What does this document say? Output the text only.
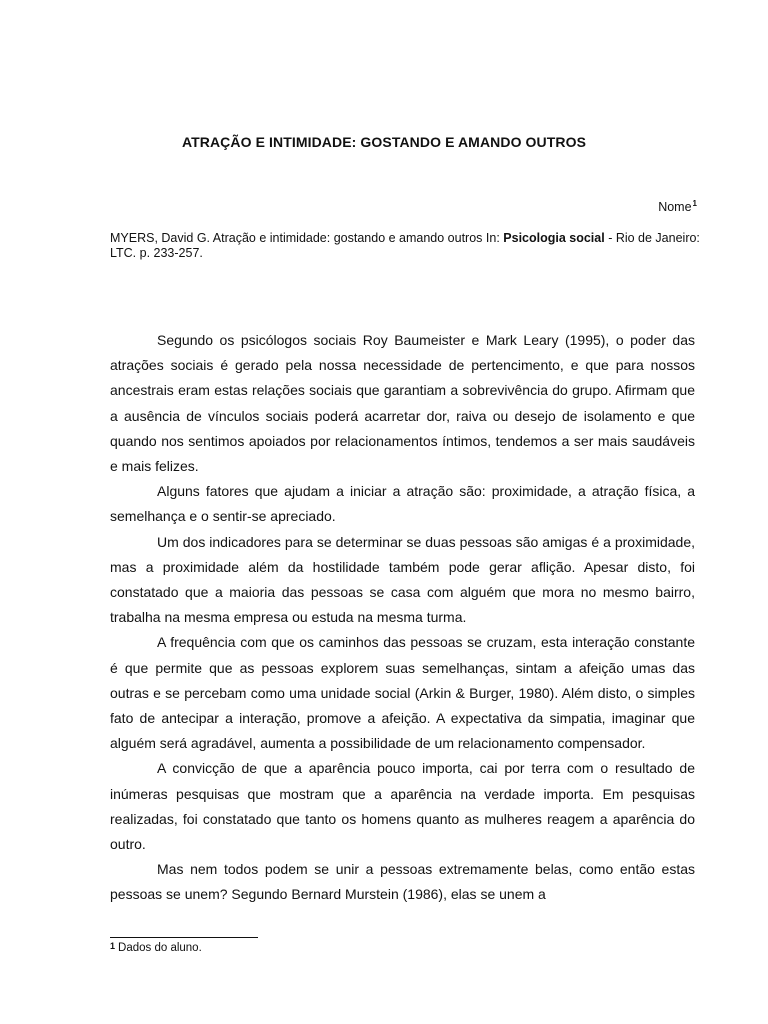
ATRAÇÃO E INTIMIDADE: GOSTANDO E AMANDO OUTROS
Nome$^1$
MYERS, David G. Atração e intimidade: gostando e amando outros In: Psicologia social - Rio de Janeiro: LTC. p. 233-257.

Segundo os psicólogos sociais Roy Baumeister e Mark Leary (1995), o poder das atrações sociais é gerado pela nossa necessidade de pertencimento, e que para nossos ancestrais eram estas relações sociais que garantiam a sobrevivência do grupo. Afirmam que a ausência de vínculos sociais poderá acarretar dor, raiva ou desejo de isolamento e que quando nos sentimos apoiados por relacionamentos íntimos, tendemos a ser mais saudáveis e mais felizes.

Alguns fatores que ajudam a iniciar a atração são: proximidade, a atração física, a semelhança e o sentir-se apreciado.

Um dos indicadores para se determinar se duas pessoas são amigas é a proximidade, mas a proximidade além da hostilidade também pode gerar aflição. Apesar disto, foi constatado que a maioria das pessoas se casa com alguém que mora no mesmo bairro, trabalha na mesma empresa ou estuda na mesma turma.

A frequência com que os caminhos das pessoas se cruzam, esta interação constante é que permite que as pessoas explorem suas semelhanças, sintam a afeição umas das outras e se percebam como uma unidade social (Arkin & Burger, 1980). Além disto, o simples fato de antecipar a interação, promove a afeição. A expectativa da simpatia, imaginar que alguém será agradável, aumenta a possibilidade de um relacionamento compensador.

A convicção de que a aparência pouco importa, cai por terra com o resultado de inúmeras pesquisas que mostram que a aparência na verdade importa. Em pesquisas realizadas, foi constatado que tanto os homens quanto as mulheres reagem a aparência do outro.

Mas nem todos podem se unir a pessoas extremamente belas, como então estas pessoas se unem? Segundo Bernard Murstein (1986), elas se unem a

1 Dados do aluno.
